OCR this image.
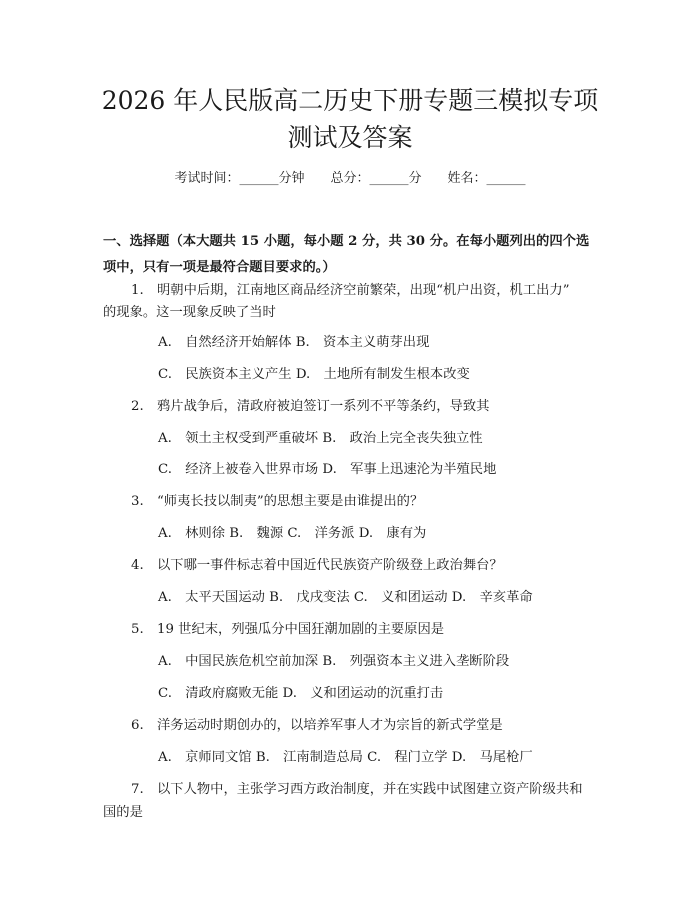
2026 年人民版高二历史下册专题三模拟专项
测试及答案
考试时间：______分钟 总分：______分 姓名：______
一、选择题（本大题共 15 小题，每小题 2 分，共 30 分。在每小题列出的四个选
项中，只有一项是最符合题目要求的。）
1. 明朝中后期，江南地区商品经济空前繁荣，出现“机户出资，机工出力”
的现象。这一现象反映了当时
A.　自然经济开始解体 B.　资本主义萌芽出现
C.　民族资本主义产生 D.　土地所有制发生根本改变
2. 鸦片战争后，清政府被迫签订一系列不平等条约，导致其
A.　领土主权受到严重破坏 B.　政治上完全丧失独立性
C.　经济上被卷入世界市场 D.　军事上迅速沦为半殖民地
3. “师夷长技以制夷”的思想主要是由谁提出的？
A.　林则徐 B.　魏源 C.　洋务派 D.　康有为
4. 以下哪一事件标志着中国近代民族资产阶级登上政治舞台？
A.　太平天国运动 B.　戊戌变法 C.　义和团运动 D.　辛亥革命
5. 19 世纪末，列强瓜分中国狂潮加剧的主要原因是
A.　中国民族危机空前加深 B.　列强资本主义进入垄断阶段
C.　清政府腐败无能 D.　义和团运动的沉重打击
6. 洋务运动时期创办的，以培养军事人才为宗旨的新式学堂是
A.　京师同文馆 B.　江南制造总局 C.　程门立学 D.　马尾枪厂
7. 以下人物中，主张学习西方政治制度，并在实践中试图建立资产阶级共和
国的是
